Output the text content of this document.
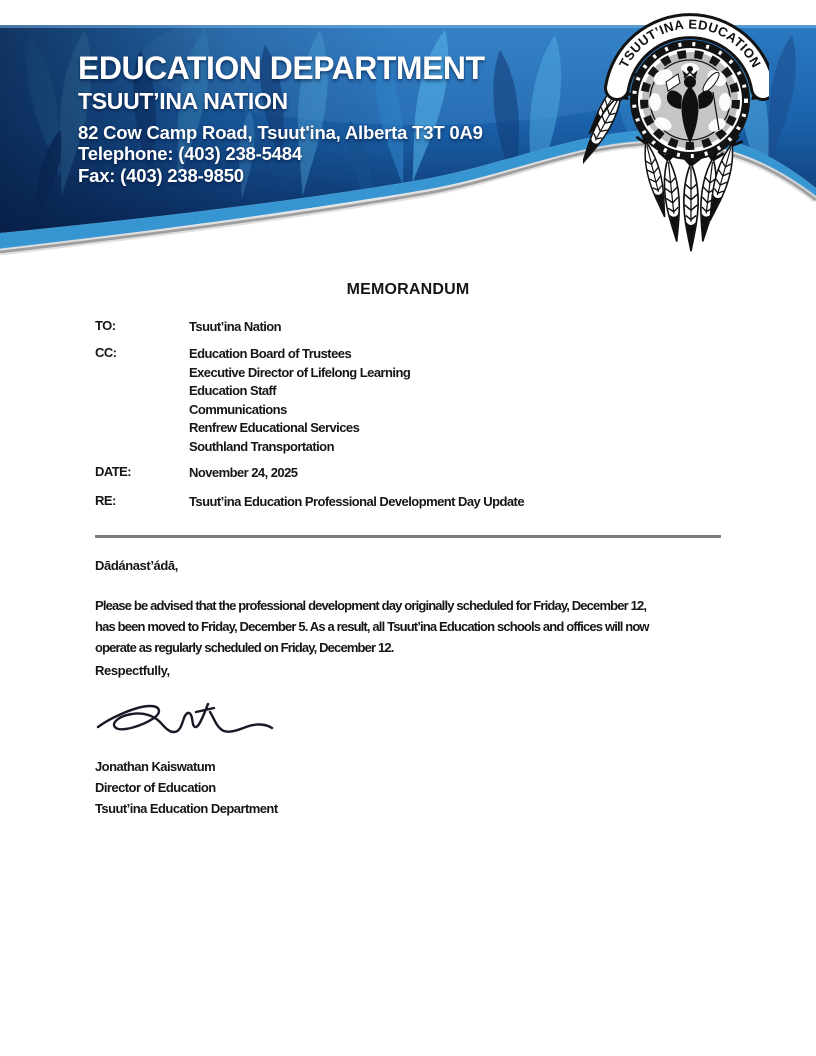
TSUUT’INA EDUCATION
EDUCATION DEPARTMENT
TSUUT’INA NATION
82 Cow Camp Road, Tsuut'ina, Alberta T3T 0A9
Telephone: (403) 238-5484
Fax: (403) 238-9850
MEMORANDUM
TO:	Tsuut’ina Nation
CC:	Education Board of Trustees
Executive Director of Lifelong Learning
Education Staff
Communications
Renfrew Educational Services
Southland Transportation
DATE:	November 24, 2025
RE:	Tsuut’ina Education Professional Development Day Update
Dādánast’ádā,
Please be advised that the professional development day originally scheduled for Friday, December 12,
has been moved to Friday, December 5. As a result, all Tsuut’ina Education schools and offices will now
operate as regularly scheduled on Friday, December 12.
Respectfully,
Jonathan Kaiswatum
Director of Education
Tsuut’ina Education Department
